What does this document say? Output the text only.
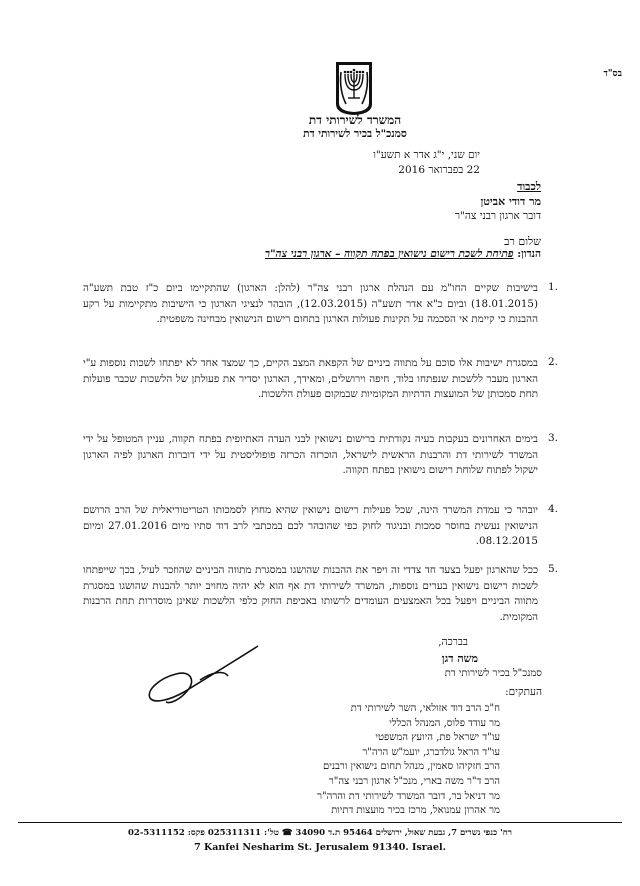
בס"ד
המשרד לשירותי דת
סמנכ"ל בכיר לשירותי דת
יום שני, י"ג אדר א תשע"ו
22 בפברואר 2016
לכבוד
מר דודי אביטן
דובר ארגון רבני צה"ר
שלום רב
הנדון: פתיחת לשכת רישום נישואין בפתח תקווה – ארגון רבני צה"ר
1.
בישיבות שקיים החו"מ עם הנהלת ארגון רבני צה"ר (להלן: הארגון) שהתקיימו ביום כ"ז טבת תשע"ה (18.01.2015) וביום כ"א אדר תשע"ה (12.03.2015), הובהר לנציגי הארגון כי הישיבות מתקיימות על רקע ההבנות כי קיימת אי הסכמה על תקינות פעולות הארגון בתחום רישום הנישואין מבחינה משפטית.
2.
במסגרת ישיבות אלו סוכם על מתווה ביניים של הקפאת המצב הקיים, כך שמצד אחד לא יפתחו לשכות נוספות ע"י הארגון מעבר ללשכות שנפתחו בלוד, חיפה וירושלים, ומאידך, הארגון יסדיר את פעולתן של הלשכות שכבר פועלות תחת סמכותן של המועצות הדתיות המקומיות שבמקום פעולת הלשכות.
3.
בימים האחרונים בעקבות בעיה נקודתית ברישום נישואין לבני העדה האתיופית בפתח תקווה, עניין המטופל על ידי המשרד לשירותי דת והרבנות הראשית לישראל, הוכרזה הכרזה פופוליסטית על ידי דוברות הארגון לפיה הארגון ישקול לפתוח שלוחת רישום נישואין בפתח תקווה.
4.
יובהר כי עמדת המשרד הינה, שכל פעילות רישום נישואין שהיא מחוץ לסמכותו הטריטוריאלית של הרב הרושם הנישואין נעשית בחוסר סמכות ובניגוד לחוק כפי שהובהר לכם במכתבי לרב דוד סתיו מיום 27.01.2016 ומיום 08.12.2015.
5.
ככל שהארגון יפעל בצעד חד צדדי זה ויפר את ההבנות שהושגו במסגרת מתווה הביניים שהוזכר לעיל, בכך שייפתחו לשכות רישום נישואין בערים נוספות, המשרד לשירותי דת אף הוא לא יהיה מחויב יותר להבנות שהושגו במסגרת מתווה הביניים ויפעל בכל האמצעים העומדים לרשותו באכיפת החוק כלפי הלשכות שאינן מוסדרות תחת הרבנות המקומית.
בברכה,
משה דגן
סמנכ"ל בכיר לשירותי דת
העתקים:
ח"כ הרב דוד אזולאי, השר לשירותי דת
מר עודד פלוס, המנהל הכללי
עו"ד ישראל פת, היועץ המשפטי
עו"ד הראל גולדברג, יועמ"ש הרה"ר
הרב חזקיהו סאמין, מנהל תחום נישואין ורבנים
הרב ד"ר משה בארי, מנכ"ל ארגון רבני צה"ר
מר דניאל בר, דובר המשרד לשירותי דת והרה"ר
מר אהרון עמנואל, מרכז בכיר מועצות דתיות
רח' כנפי נשרים 7, גבעת שאול, ירושלים 95464 ת.ד 34090 ☎ טל': 025311311 פקס: 02-5311152
7 Kanfei Nesharim St. Jerusalem 91340. Israel.
